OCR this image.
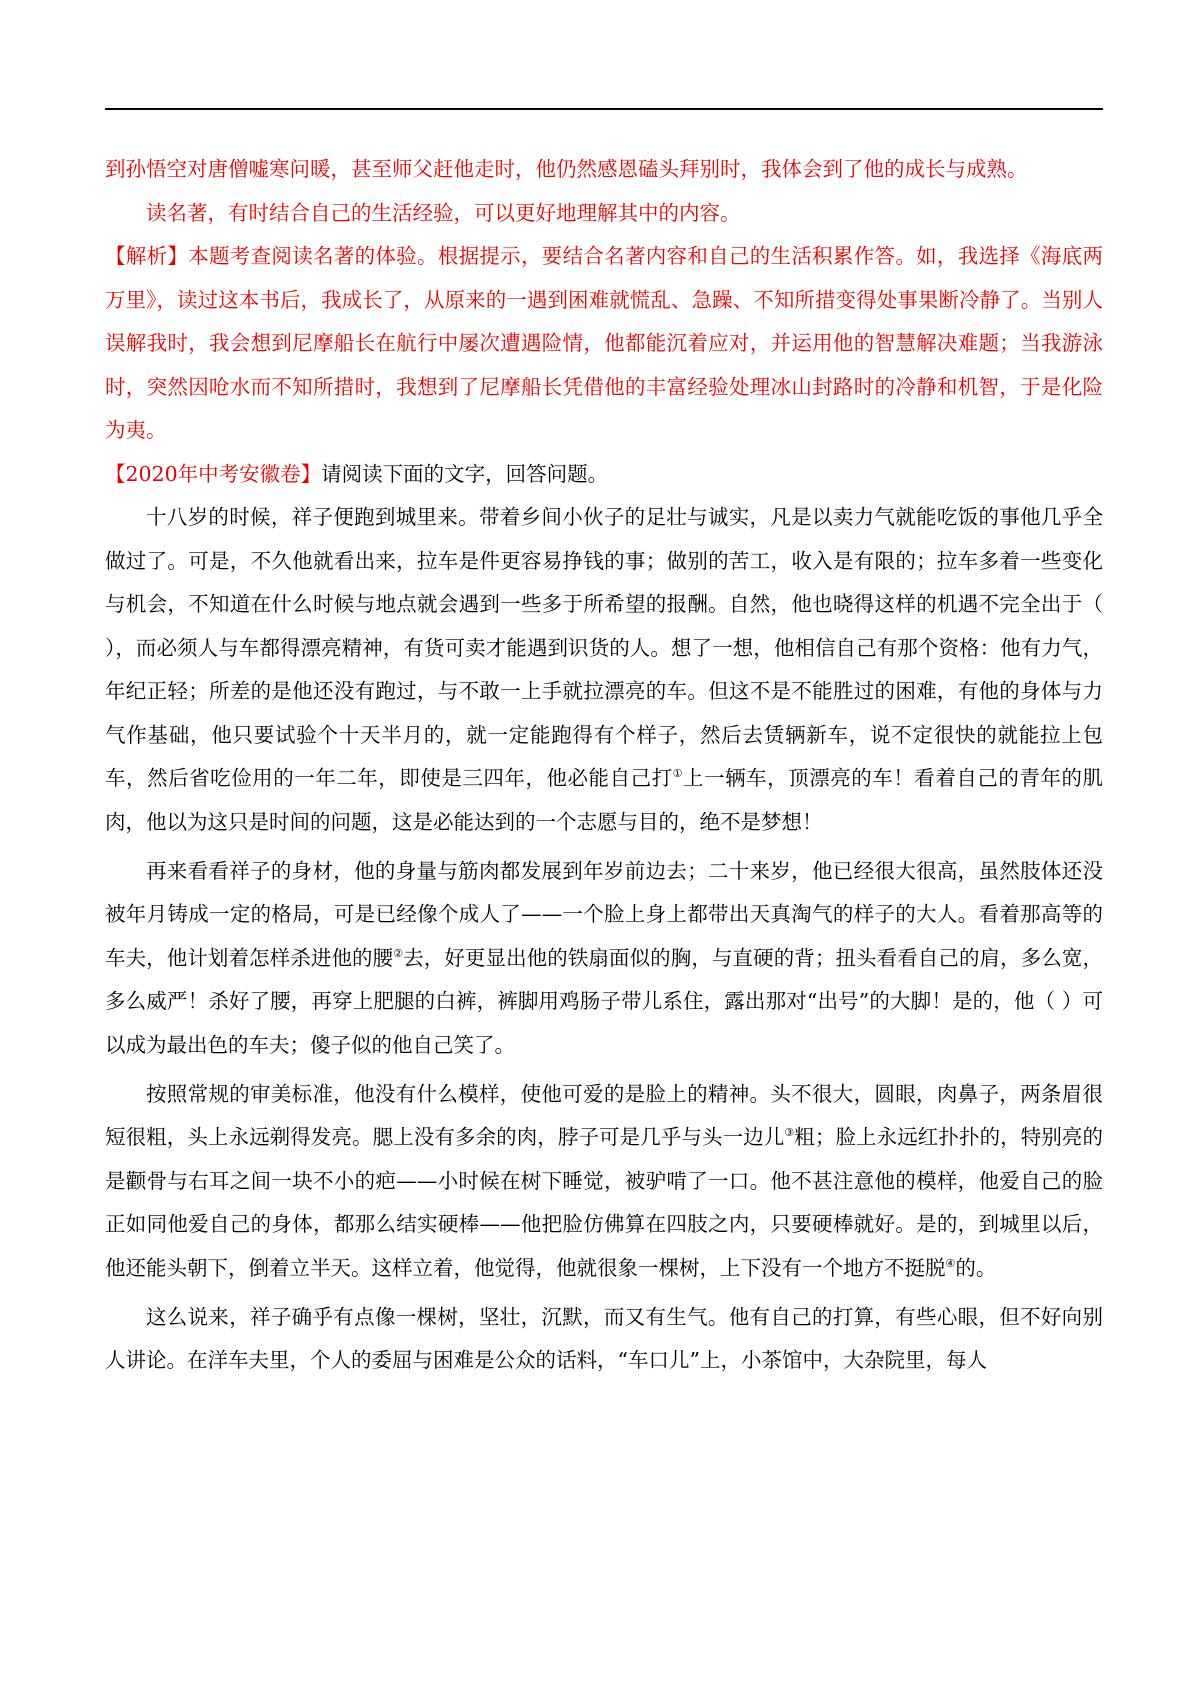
到孙悟空对唐僧嘘寒问暖，甚至师父赶他走时，他仍然感恩磕头拜别时，我体会到了他的成长与成熟。

读名著，有时结合自己的生活经验，可以更好地理解其中的内容。

【解析】本题考查阅读名著的体验。根据提示，要结合名著内容和自己的生活积累作答。如，我选择《海底两万里》，读过这本书后，我成长了，从原来的一遇到困难就慌乱、急躁、不知所措变得处事果断冷静了。当别人误解我时，我会想到尼摩船长在航行中屡次遭遇险情，他都能沉着应对，并运用他的智慧解决难题；当我游泳时，突然因呛水而不知所措时，我想到了尼摩船长凭借他的丰富经验处理冰山封路时的冷静和机智，于是化险为夷。

【2020年中考安徽卷】请阅读下面的文字，回答问题。

十八岁的时候，祥子便跑到城里来。带着乡间小伙子的足壮与诚实，凡是以卖力气就能吃饭的事他几乎全做过了。可是，不久他就看出来，拉车是件更容易挣钱的事；做别的苦工，收入是有限的；拉车多着一些变化与机会，不知道在什么时候与地点就会遇到一些多于所希望的报酬。自然，他也晓得这样的机遇不完全出于（ ），而必须人与车都得漂亮精神，有货可卖才能遇到识货的人。想了一想，他相信自己有那个资格：他有力气，年纪正轻；所差的是他还没有跑过，与不敢一上手就拉漂亮的车。但这不是不能胜过的困难，有他的身体与力气作基础，他只要试验个十天半月的，就一定能跑得有个样子，然后去赁辆新车，说不定很快的就能拉上包车，然后省吃俭用的一年二年，即使是三四年，他必能自己打①上一辆车，顶漂亮的车！看着自己的青年的肌肉，他以为这只是时间的问题，这是必能达到的一个志愿与目的，绝不是梦想！

再来看看祥子的身材，他的身量与筋肉都发展到年岁前边去；二十来岁，他已经很大很高，虽然肢体还没被年月铸成一定的格局，可是已经像个成人了——一个脸上身上都带出天真淘气的样子的大人。看着那高等的车夫，他计划着怎样杀进他的腰②去，好更显出他的铁扇面似的胸，与直硬的背；扭头看看自己的肩，多么宽，多么威严！杀好了腰，再穿上肥腿的白裤，裤脚用鸡肠子带儿系住，露出那对“出号”的大脚！是的，他（ ）可以成为最出色的车夫；傻子似的他自己笑了。

按照常规的审美标准，他没有什么模样，使他可爱的是脸上的精神。头不很大，圆眼，肉鼻子，两条眉很短很粗，头上永远剃得发亮。腮上没有多余的肉，脖子可是几乎与头一边儿③粗；脸上永远红扑扑的，特别亮的是颧骨与右耳之间一块不小的疤——小时候在树下睡觉，被驴啃了一口。他不甚注意他的模样，他爱自己的脸正如同他爱自己的身体，都那么结实硬棒——他把脸仿佛算在四肢之内，只要硬棒就好。是的，到城里以后，他还能头朝下，倒着立半天。这样立着，他觉得，他就很象一棵树，上下没有一个地方不挺脱④的。

这么说来，祥子确乎有点像一棵树，坚壮，沉默，而又有生气。他有自己的打算，有些心眼，但不好向别人讲论。在洋车夫里，个人的委屈与困难是公众的话料，“车口儿”上，小茶馆中，大杂院里，每人
